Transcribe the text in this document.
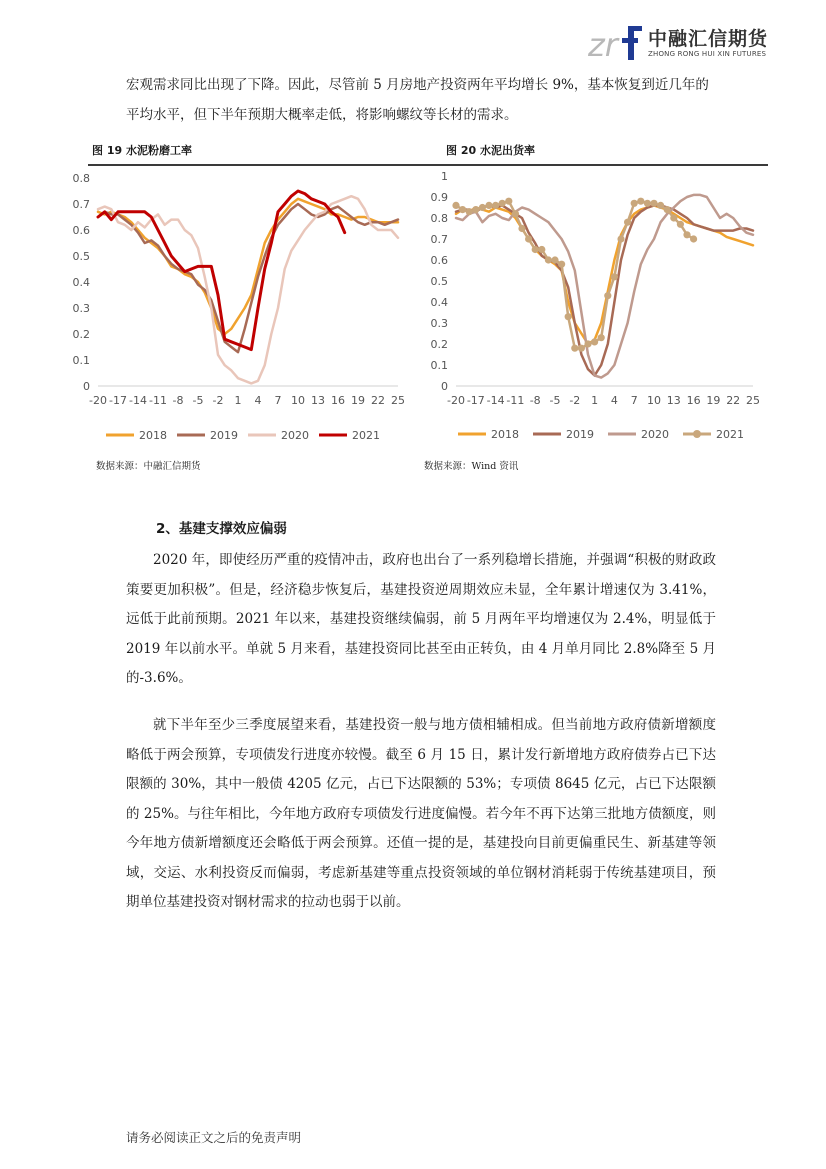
zr 中融汇信期货
ZHONG RONG HUI XIN FUTURES
宏观需求同比出现了下降。因此，尽管前 5 月房地产投资两年平均增长 9%，基本恢复到近几年的平均水平，但下半年预期大概率走低，将影响螺纹等长材的需求。
图 19 水泥粉磨工率	图 20 水泥出货率
0
0.1
0.2
0.3
0.4
0.5
0.6
0.7
0.8
-20 -17 -14 -11 -8 -5 -2 1 4 7 10 13 16 19 22 25
2018	2019	2020	2021
0
0.1
0.2
0.3
0.4
0.5
0.6
0.7
0.8
0.9
1
-20 -17 -14 -11 -8 -5 -2 1 4 7 10 13 16 19 22 25
2018	2019	2020	2021
数据来源：中融汇信期货	数据来源：Wind 资讯
2、基建支撑效应偏弱
2020 年，即使经历严重的疫情冲击，政府也出台了一系列稳增长措施，并强调“积极的财政政策要更加积极”。但是，经济稳步恢复后，基建投资逆周期效应未显，全年累计增速仅为 3.41%，远低于此前预期。2021 年以来，基建投资继续偏弱，前 5 月两年平均增速仅为 2.4%，明显低于 2019 年以前水平。单就 5 月来看，基建投资同比甚至由正转负，由 4 月单月同比 2.8%降至 5 月的-3.6%。
就下半年至少三季度展望来看，基建投资一般与地方债相辅相成。但当前地方政府债新增额度略低于两会预算，专项债发行进度亦较慢。截至 6 月 15 日，累计发行新增地方政府债券占已下达限额的 30%，其中一般债 4205 亿元，占已下达限额的 53%；专项债 8645 亿元，占已下达限额的 25%。与往年相比，今年地方政府专项债发行进度偏慢。若今年不再下达第三批地方债额度，则今年地方债新增额度还会略低于两会预算。还值一提的是，基建投向目前更偏重民生、新基建等领域，交运、水利投资反而偏弱，考虑新基建等重点投资领域的单位钢材消耗弱于传统基建项目，预期单位基建投资对钢材需求的拉动也弱于以前。
请务必阅读正文之后的免责声明
